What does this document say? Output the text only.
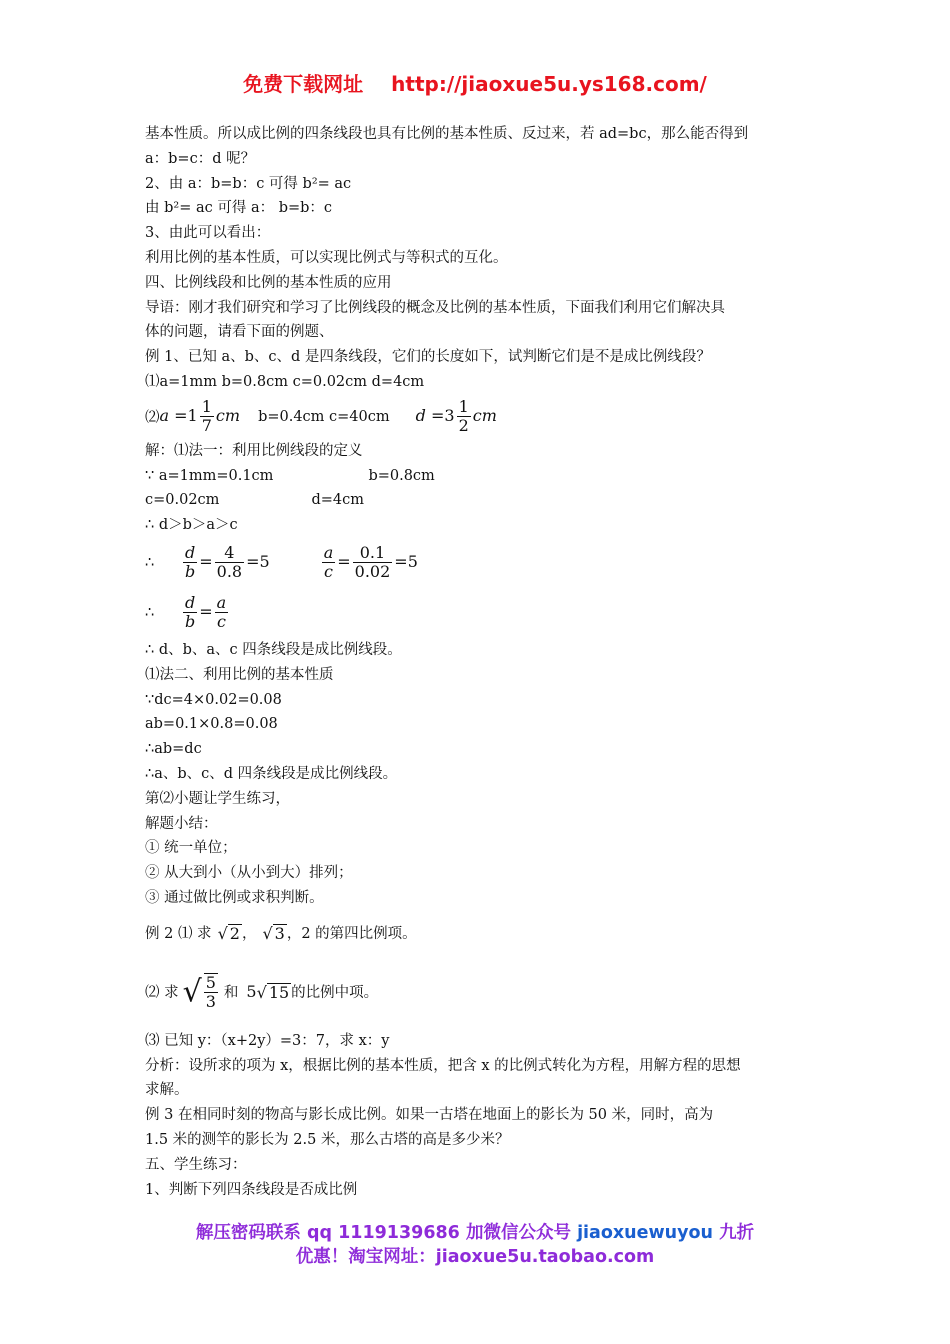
免费下载网址 http://jiaoxue5u.ys168.com/
基本性质。所以成比例的四条线段也具有比例的基本性质、反过来，若 ad=bc，那么能否得到
a：b=c：d 呢？
2、由 a：b=b：c 可得 b²= ac
由 b²= ac 可得 a： b=b：c
3、由此可以看出：
利用比例的基本性质，可以实现比例式与等积式的互化。
四、比例线段和比例的基本性质的应用
导语：刚才我们研究和学习了比例线段的概念及比例的基本性质，下面我们利用它们解决具
体的问题，请看下面的例题、
例 1、已知 a、b、c、d 是四条线段，它们的长度如下，试判断它们是不是成比例线段？
⑴a=1mm b=0.8cm c=0.02cm d=4cm
⑵ $a =1 \frac{1}{7}$ cm b=0.4cm c=40cm $d =3 \frac{1}{2}$ cm
解：⑴法一：利用比例线段的定义
∵ a=1mm=0.1cm	b=0.8cm
c=0.02cm	d=4cm
∴ d＞b＞a＞c
∴	$\frac{d}{b} = \frac{4}{0.8} =5$	$\frac{a}{c} = \frac{0.1}{0.02} =5$
∴	$\frac{d}{b} = \frac{a}{c}$
∴ d、b、a、c 四条线段是成比例线段。
⑴法二、利用比例的基本性质
∵dc=4×0.02=0.08
ab=0.1×0.8=0.08
∴ab=dc
∴a、b、c、d 四条线段是成比例线段。
第⑵小题让学生练习，
解题小结：
① 统一单位；
② 从大到小（从小到大）排列；
③ 通过做比例或求积判断。
例 2 ⑴ 求 √ 2 ， √ 3 ，2 的第四比例项。
⑵ 求 √ $\frac{5}{3}$ 和 5√ 15 的比例中项。
⑶ 已知 y：（x+2y）=3：7，求 x：y
分析：设所求的项为 x，根据比例的基本性质，把含 x 的比例式转化为方程，用解方程的思想
求解。
例 3 在相同时刻的物高与影长成比例。如果一古塔在地面上的影长为 50 米，同时，高为
1.5 米的测竿的影长为 2.5 米，那么古塔的高是多少米？
五、学生练习：
1、判断下列四条线段是否成比例
解压密码联系 qq 1119139686 加微信公众号 jiaoxuewuyou 九折
优惠！淘宝网址：jiaoxue5u.taobao.com
